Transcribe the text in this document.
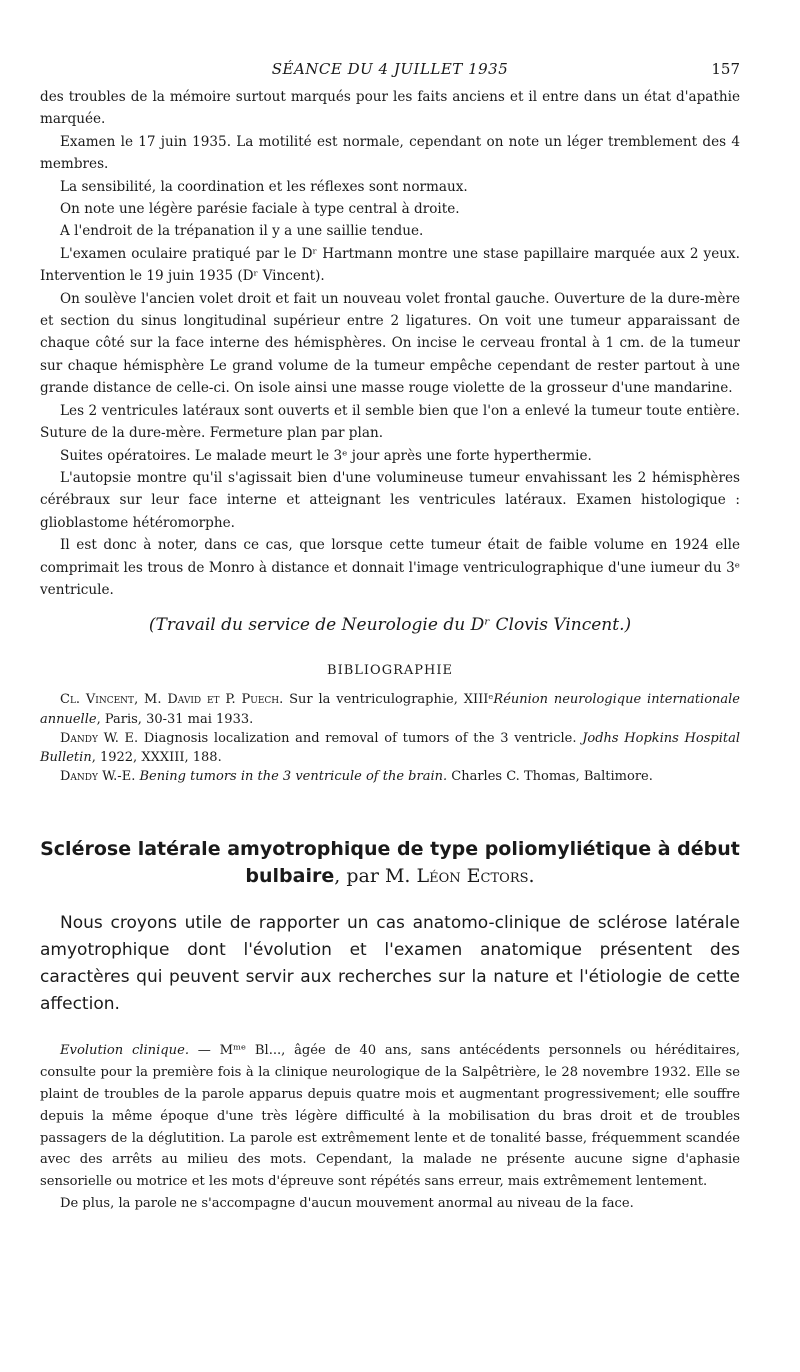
SÉANCE DU 4 JUILLET 1935	157

des troubles de la mémoire surtout marqués pour les faits anciens et il entre dans un état d'apathie marquée.

Examen le 17 juin 1935. La motilité est normale, cependant on note un léger tremblement des 4 membres.

La sensibilité, la coordination et les réflexes sont normaux.

On note une légère parésie faciale à type central à droite.

A l'endroit de la trépanation il y a une saillie tendue.

L'examen oculaire pratiqué par le Dʳ Hartmann montre une stase papillaire marquée aux 2 yeux. Intervention le 19 juin 1935 (Dʳ Vincent).

On soulève l'ancien volet droit et fait un nouveau volet frontal gauche. Ouverture de la dure-mère et section du sinus longitudinal supérieur entre 2 ligatures. On voit une tumeur apparaissant de chaque côté sur la face interne des hémisphères. On incise le cerveau frontal à 1 cm. de la tumeur sur chaque hémisphère Le grand volume de la tumeur empêche cependant de rester partout à une grande distance de celle-ci. On isole ainsi une masse rouge violette de la grosseur d'une mandarine.

Les 2 ventricules latéraux sont ouverts et il semble bien que l'on a enlevé la tumeur toute entière. Suture de la dure-mère. Fermeture plan par plan.

Suites opératoires. Le malade meurt le 3ᵉ jour après une forte hyperthermie.

L'autopsie montre qu'il s'agissait bien d'une volumineuse tumeur envahissant les 2 hémisphères cérébraux sur leur face interne et atteignant les ventricules latéraux. Examen histologique : glioblastome hétéromorphe.

Il est donc à noter, dans ce cas, que lorsque cette tumeur était de faible volume en 1924 elle comprimait les trous de Monro à distance et donnait l'image ventriculographique d'une iumeur du 3ᵉ ventricule.

(Travail du service de Neurologie du Dʳ Clovis Vincent.)

BIBLIOGRAPHIE

Cl. Vincent, M. David et P. Puech. Sur la ventriculographie, XIIIᵉRéunion neurologique internationale annuelle, Paris, 30-31 mai 1933.

Dandy W. E. Diagnosis localization and removal of tumors of the 3 ventricle. Jodhs Hopkins Hospital Bulletin, 1922, XXXIII, 188.

Dandy W.-E. Bening tumors in the 3 ventricule of the brain. Charles C. Thomas, Baltimore.

Sclérose latérale amyotrophique de type poliomyliétique à début bulbaire, par M. Léon Ectors.

Nous croyons utile de rapporter un cas anatomo-clinique de sclérose latérale amyotrophique dont l'évolution et l'examen anatomique présentent des caractères qui peuvent servir aux recherches sur la nature et l'étiologie de cette affection.

Evolution clinique. — Mᵐᵉ Bl..., âgée de 40 ans, sans antécédents personnels ou héréditaires, consulte pour la première fois à la clinique neurologique de la Salpêtrière, le 28 novembre 1932. Elle se plaint de troubles de la parole apparus depuis quatre mois et augmentant progressivement; elle souffre depuis la même époque d'une très légère difficulté à la mobilisation du bras droit et de troubles passagers de la déglutition. La parole est extrêmement lente et de tonalité basse, fréquemment scandée avec des arrêts au milieu des mots. Cependant, la malade ne présente aucune signe d'aphasie sensorielle ou motrice et les mots d'épreuve sont répétés sans erreur, mais extrêmement lentement.

De plus, la parole ne s'accompagne d'aucun mouvement anormal au niveau de la face.
